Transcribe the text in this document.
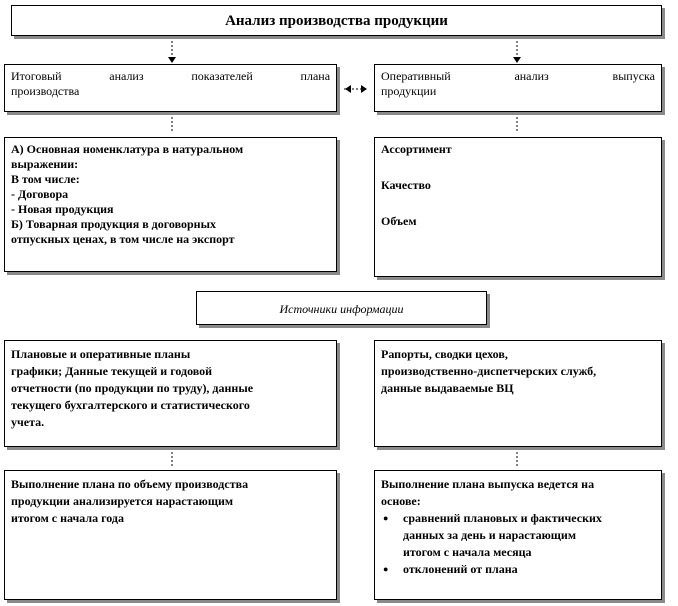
Анализ производства продукции
Итоговый	анализ	показателей	плана
производства
Оперативный	анализ	выпуска
продукции
А) Основная номенклатура в натуральном
выражении:
В том числе:
- Договора
- Новая продукция
Б) Товарная продукция в договорных
отпускных ценах, в том числе на экспорт
Ассортимент
Качество
Объем
Источники информации
Плановые и оперативные планы
графики; Данные текущей и годовой
отчетности (по продукции по труду), данные
текущего бухгалтерского и статистического
учета.
Рапорты, сводки цехов,
производственно-диспетчерских служб,
данные выдаваемые ВЦ
Выполнение плана по объему производства
продукции анализируется нарастающим
итогом с начала года
Выполнение плана выпуска ведется на
основе:
● сравнений плановых и фактических
данных за день и нарастающим
итогом с начала месяца
● отклонений от плана
